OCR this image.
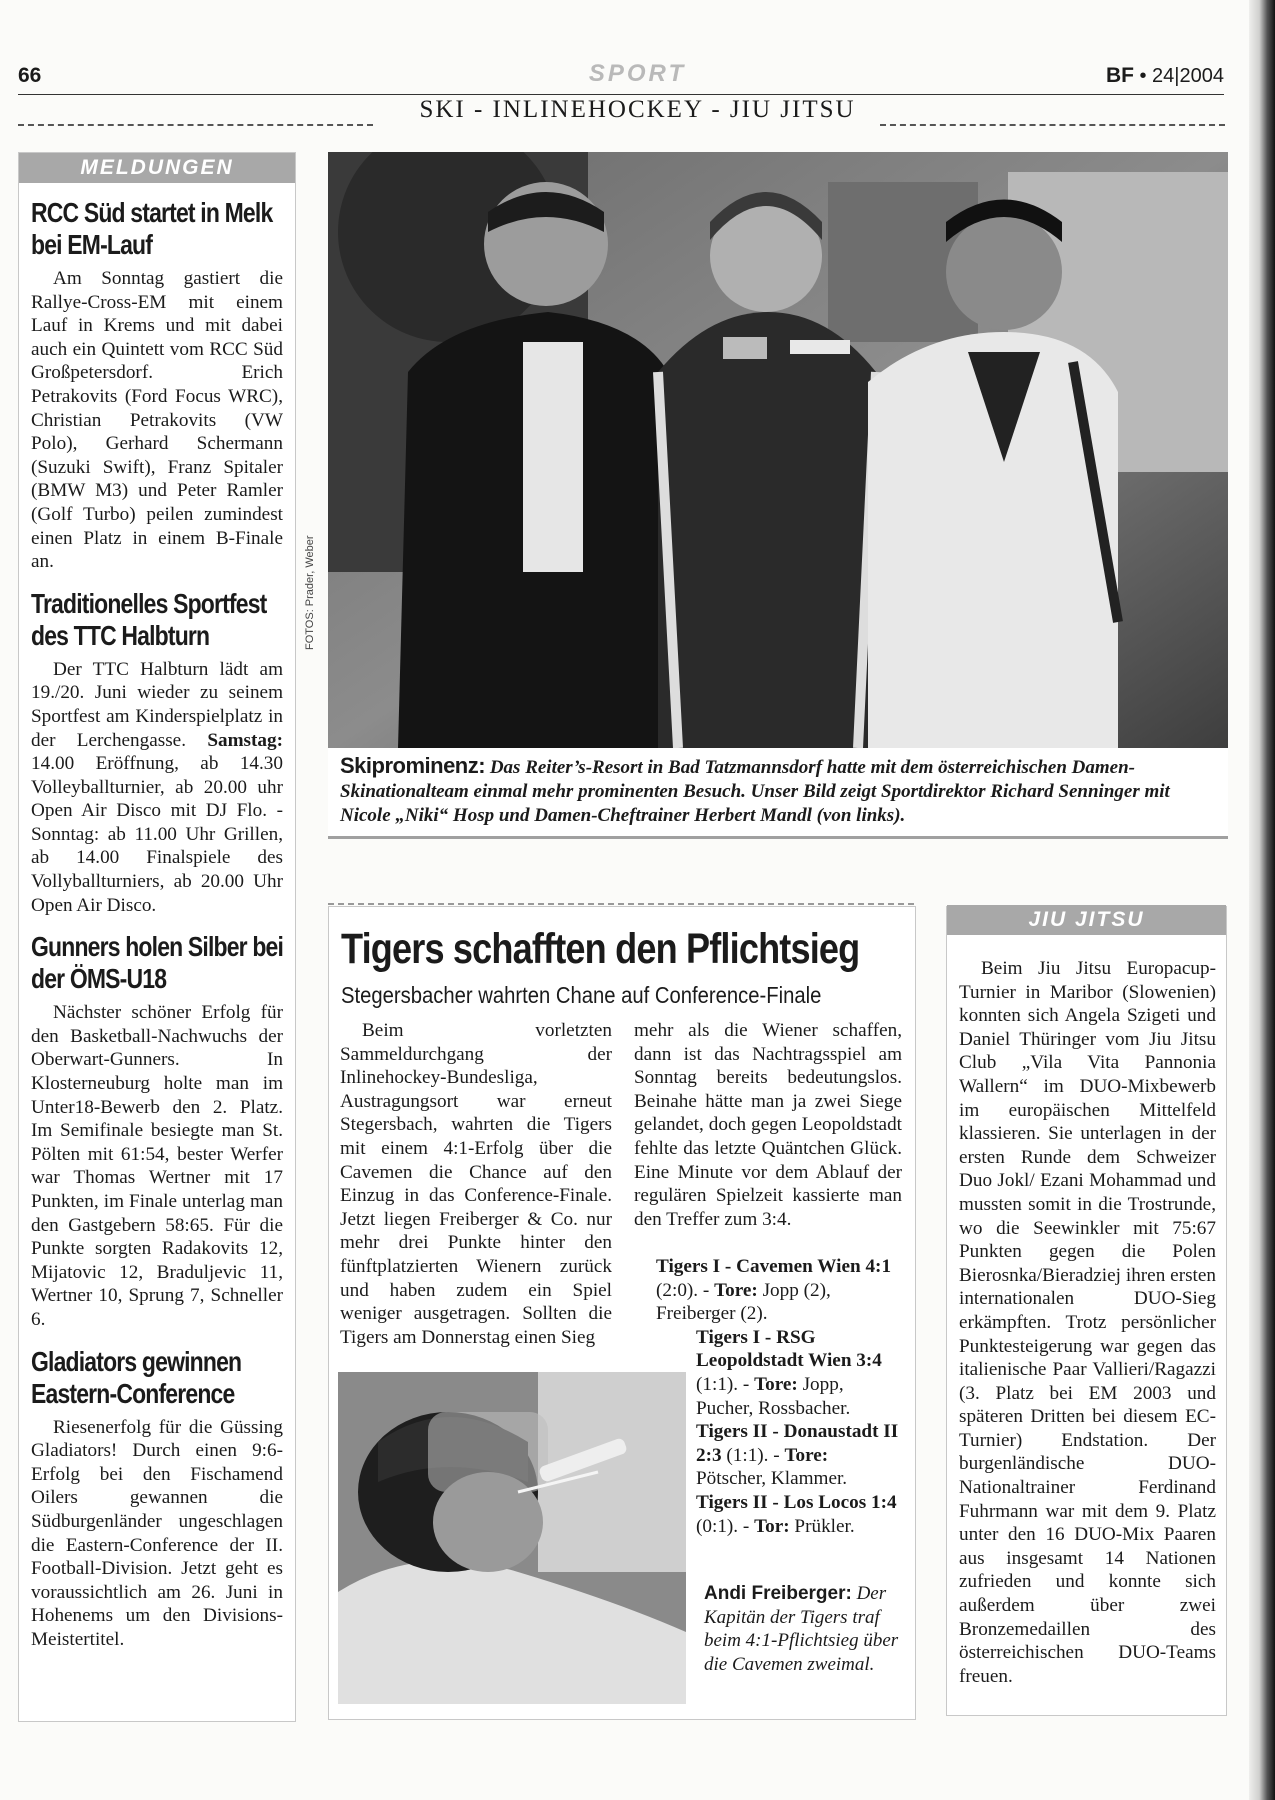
66	SPORT	BF • 24|2004
SKI - INLINEHOCKEY - JIU JITSU
MELDUNGEN
RCC Süd startet in Melk bei EM-Lauf

Am Sonntag gastiert die Rallye-Cross-EM mit einem Lauf in Krems und mit dabei auch ein Quintett vom RCC Süd Großpetersdorf. Erich Petrakovits (Ford Focus WRC), Christian Petrakovits (VW Polo), Gerhard Schermann (Suzuki Swift), Franz Spitaler (BMW M3) und Peter Ramler (Golf Turbo) peilen zumindest einen Platz in einem B-Finale an.

Traditionelles Sportfest des TTC Halbturn

Der TTC Halbturn lädt am 19./20. Juni wieder zu seinem Sportfest am Kinderspielplatz in der Lerchengasse. Samstag: 14.00 Eröffnung, ab 14.30 Volleyballturnier, ab 20.00 uhr Open Air Disco mit DJ Flo. - Sonntag: ab 11.00 Uhr Grillen, ab 14.00 Finalspiele des Vollyballturniers, ab 20.00 Uhr Open Air Disco.

Gunners holen Silber bei der ÖMS-U18

Nächster schöner Erfolg für den Basketball-Nachwuchs der Oberwart-Gunners. In Klosterneuburg holte man im Unter18-Bewerb den 2. Platz. Im Semifinale besiegte man St. Pölten mit 61:54, bester Werfer war Thomas Wertner mit 17 Punkten, im Finale unterlag man den Gastgebern 58:65. Für die Punkte sorgten Radakovits 12, Mijatovic 12, Braduljevic 11, Wertner 10, Sprung 7, Schneller 6.

Gladiators gewinnen Eastern-Conference

Riesenerfolg für die Güssing Gladiators! Durch einen 9:6-Erfolg bei den Fischamend Oilers gewannen die Südburgenländer ungeschlagen die Eastern-Conference der II. Football-Division. Jetzt geht es voraussichtlich am 26. Juni in Hohenems um den Divisions-Meistertitel.

FOTOS: Prader, Weber

Skiprominenz: Das Reiter’s-Resort in Bad Tatzmannsdorf hatte mit dem österreichischen Damen-Skinationalteam einmal mehr prominenten Besuch. Unser Bild zeigt Sportdirektor Richard Senninger mit Nicole „Niki“ Hosp und Damen-Cheftrainer Herbert Mandl (von links).

Tigers schafften den Pflichtsieg
Stegersbacher wahrten Chane auf Conference-Finale

Beim vorletzten Sammeldurchgang der Inlinehockey-Bundesliga, Austragungsort war erneut Stegersbach, wahrten die Tigers mit einem 4:1-Erfolg über die Cavemen die Chance auf den Einzug in das Conference-Finale. Jetzt liegen Freiberger & Co. nur mehr drei Punkte hinter den fünftplatzierten Wienern zurück und haben zudem ein Spiel weniger ausgetragen. Sollten die Tigers am Donnerstag einen Sieg

mehr als die Wiener schaffen, dann ist das Nachtragsspiel am Sonntag bereits bedeutungslos. Beinahe hätte man ja zwei Siege gelandet, doch gegen Leopoldstadt fehlte das letzte Quäntchen Glück. Eine Minute vor dem Ablauf der regulären Spielzeit kassierte man den Treffer zum 3:4.

Tigers I - Cavemen Wien 4:1 (2:0). - Tore: Jopp (2), Freiberger (2).

Tigers I - RSG Leopoldstadt Wien 3:4 (1:1). - Tore: Jopp, Pucher, Rossbacher.

Tigers II - Donaustadt II 2:3 (1:1). - Tore: Pötscher, Klammer.

Tigers II - Los Locos 1:4 (0:1). - Tor: Prükler.

Andi Freiberger: Der Kapitän der Tigers traf beim 4:1-Pflichtsieg über die Cavemen zweimal.
JIU JITSU

Beim Jiu Jitsu Europacup-Turnier in Maribor (Slowenien) konnten sich Angela Szigeti und Daniel Thüringer vom Jiu Jitsu Club „Vila Vita Pannonia Wallern“ im DUO-Mixbewerb im europäischen Mittelfeld klassieren. Sie unterlagen in der ersten Runde dem Schweizer Duo Jokl/ Ezani Mohammad und mussten somit in die Trostrunde, wo die Seewinkler mit 75:67 Punkten gegen die Polen Bierosnka/Bieradziej ihren ersten internationalen DUO-Sieg erkämpften. Trotz persönlicher Punktesteigerung war gegen das italienische Paar Vallieri/Ragazzi (3. Platz bei EM 2003 und späteren Dritten bei diesem EC-Turnier) Endstation. Der burgenländische DUO-Nationaltrainer Ferdinand Fuhrmann war mit dem 9. Platz unter den 16 DUO-Mix Paaren aus insgesamt 14 Nationen zufrieden und konnte sich außerdem über zwei Bronzemedaillen des österreichischen DUO-Teams freuen.
